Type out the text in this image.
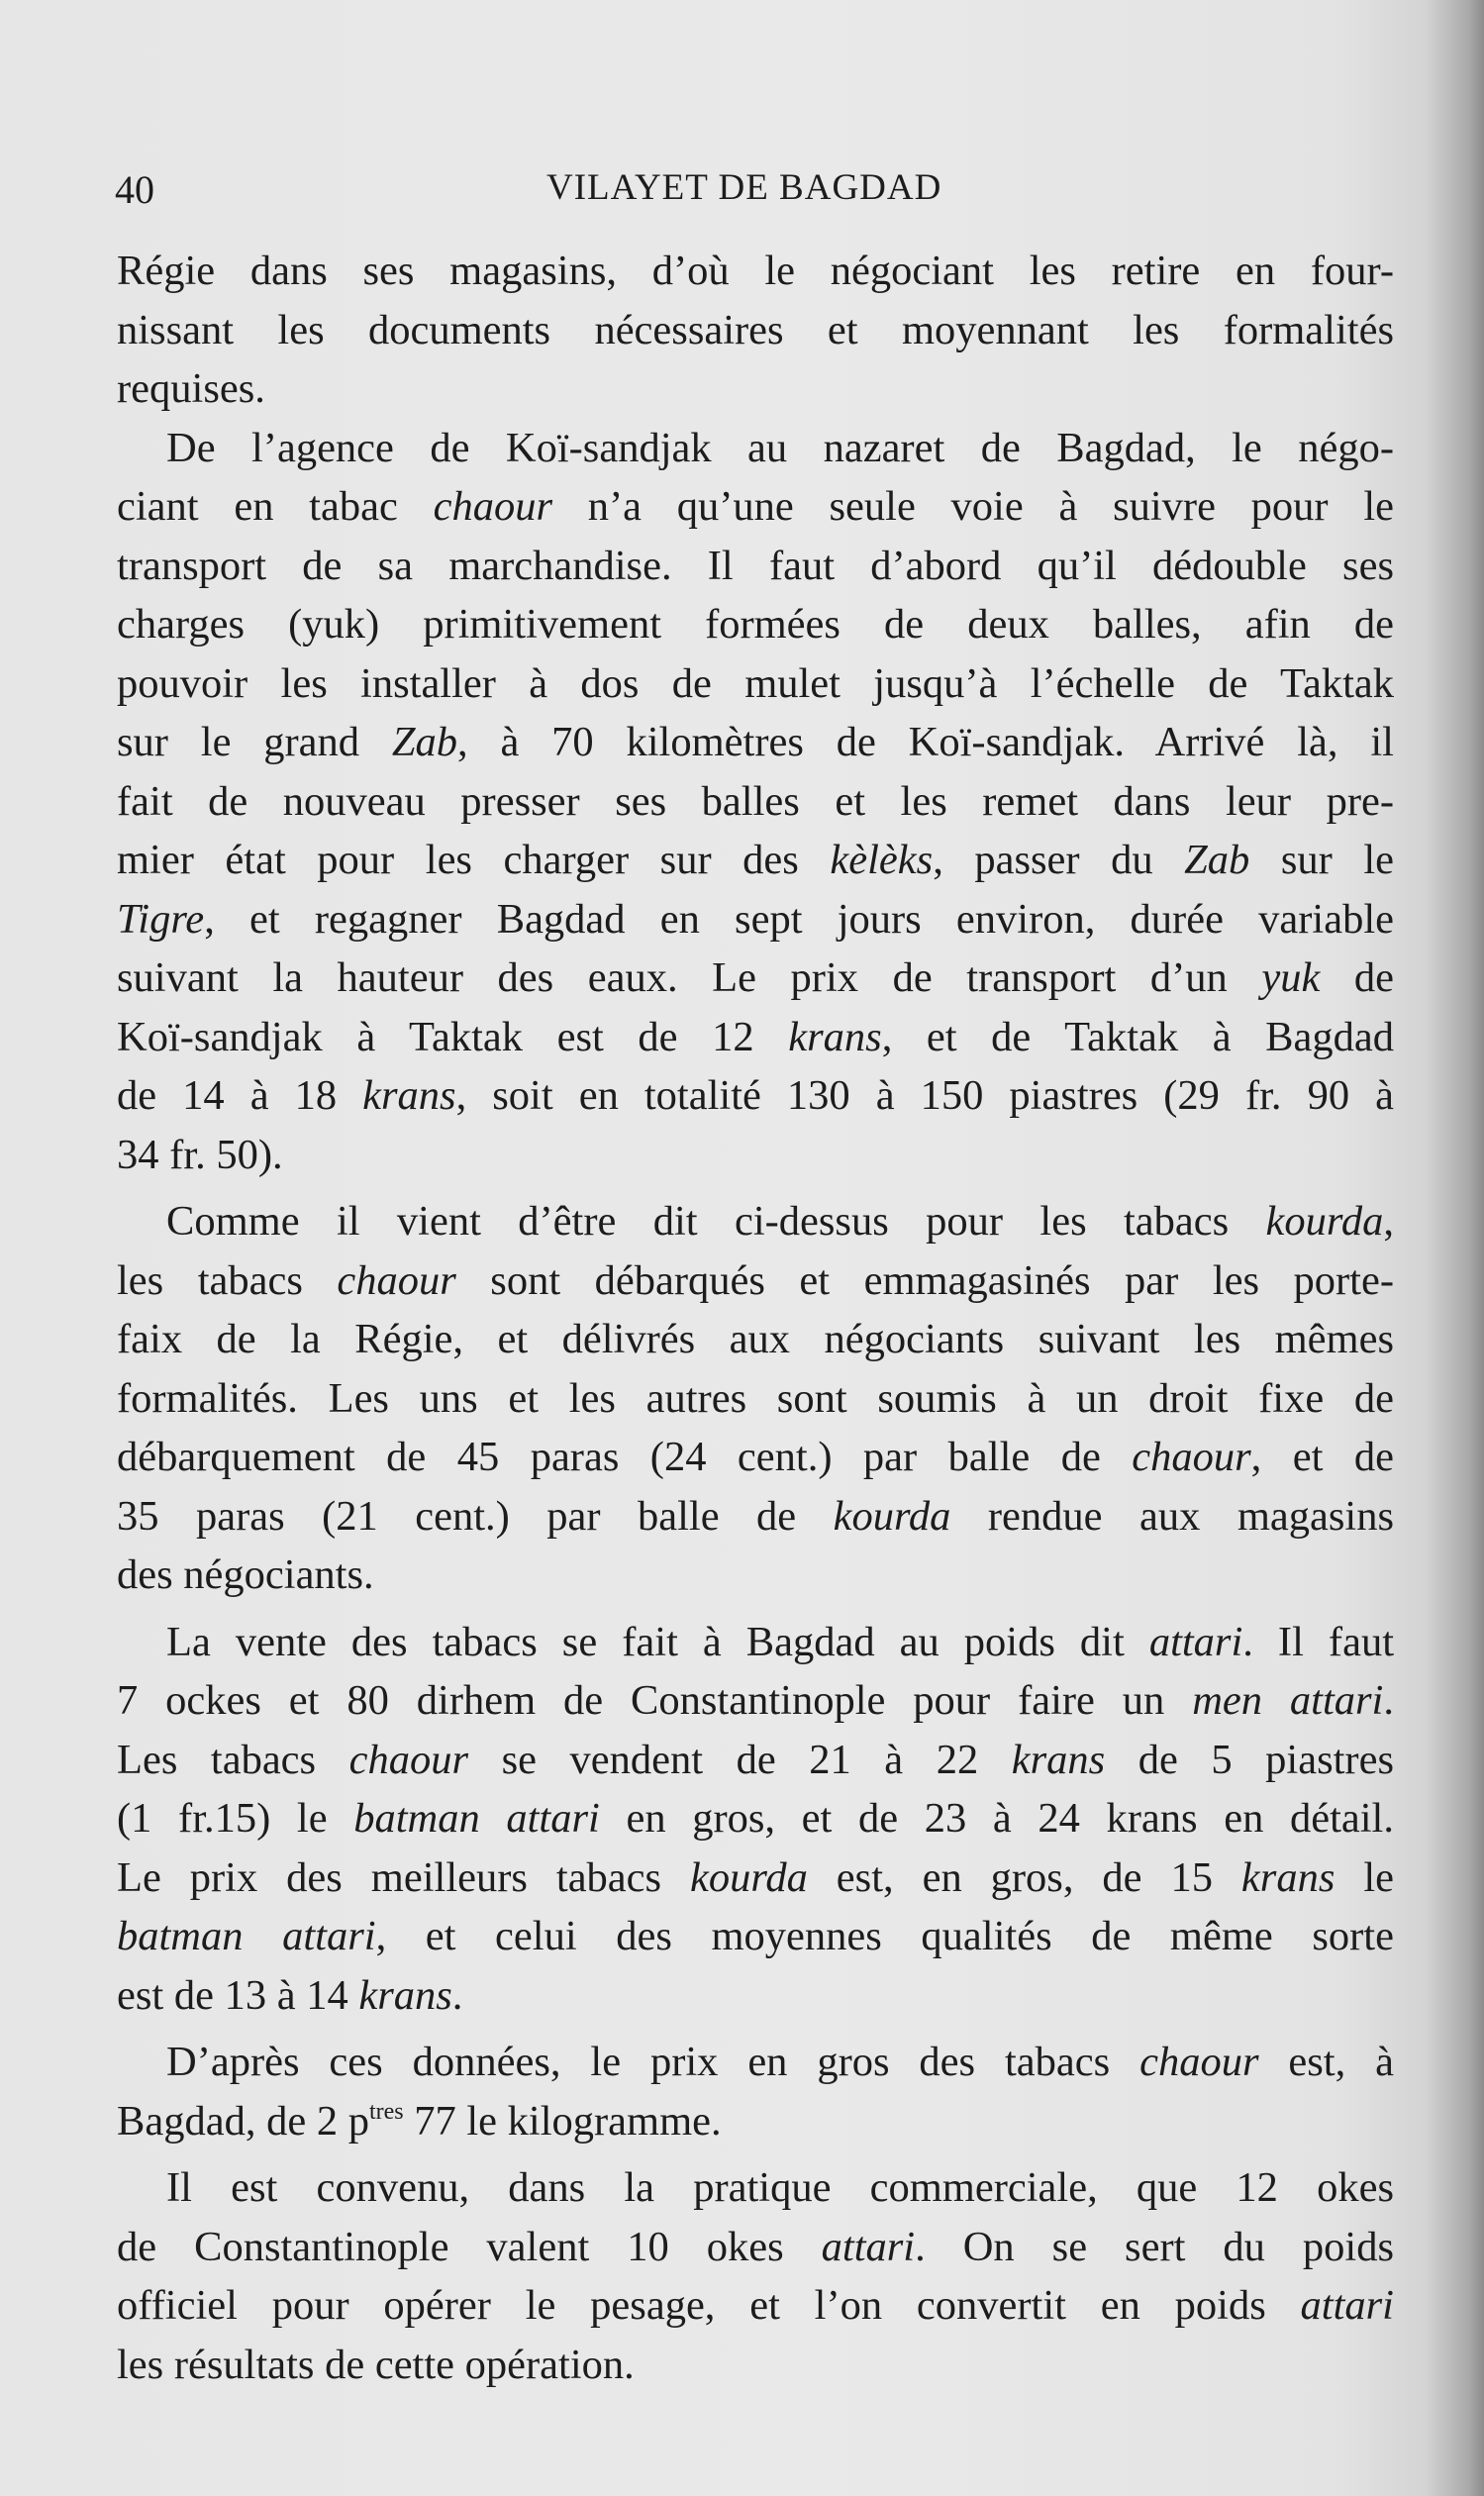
40	VILAYET DE BAGDAD
Régie dans ses magasins, d’où le négociant les retire en four-
nissant les documents nécessaires et moyennant les formalités
requises.
De l’agence de Koï-sandjak au nazaret de Bagdad, le négo-
ciant en tabac chaour n’a qu’une seule voie à suivre pour le
transport de sa marchandise. Il faut d’abord qu’il dédouble ses
charges (yuk) primitivement formées de deux balles, afin de
pouvoir les installer à dos de mulet jusqu’à l’échelle de Taktak
sur le grand Zab, à 70 kilomètres de Koï-sandjak. Arrivé là, il
fait de nouveau presser ses balles et les remet dans leur pre-
mier état pour les charger sur des kèlèks, passer du Zab sur le
Tigre, et regagner Bagdad en sept jours environ, durée variable
suivant la hauteur des eaux. Le prix de transport d’un yuk de
Koï-sandjak à Taktak est de 12 krans, et de Taktak à Bagdad
de 14 à 18 krans, soit en totalité 130 à 150 piastres (29 fr. 90 à
34 fr. 50).
Comme il vient d’être dit ci-dessus pour les tabacs kourda,
les tabacs chaour sont débarqués et emmagasinés par les porte-
faix de la Régie, et délivrés aux négociants suivant les mêmes
formalités. Les uns et les autres sont soumis à un droit fixe de
débarquement de 45 paras (24 cent.) par balle de chaour, et de
35 paras (21 cent.) par balle de kourda rendue aux magasins
des négociants.
La vente des tabacs se fait à Bagdad au poids dit attari. Il faut
7 ockes et 80 dirhem de Constantinople pour faire un men attari.
Les tabacs chaour se vendent de 21 à 22 krans de 5 piastres
(1 fr.15) le batman attari en gros, et de 23 à 24 krans en détail.
Le prix des meilleurs tabacs kourda est, en gros, de 15 krans le
batman attari, et celui des moyennes qualités de même sorte
est de 13 à 14 krans.
D’après ces données, le prix en gros des tabacs chaour est, à
Bagdad, de 2 $p^{tres}$ 77 le kilogramme.
Il est convenu, dans la pratique commerciale, que 12 okes
de Constantinople valent 10 okes attari. On se sert du poids
officiel pour opérer le pesage, et l’on convertit en poids attari
les résultats de cette opération.
